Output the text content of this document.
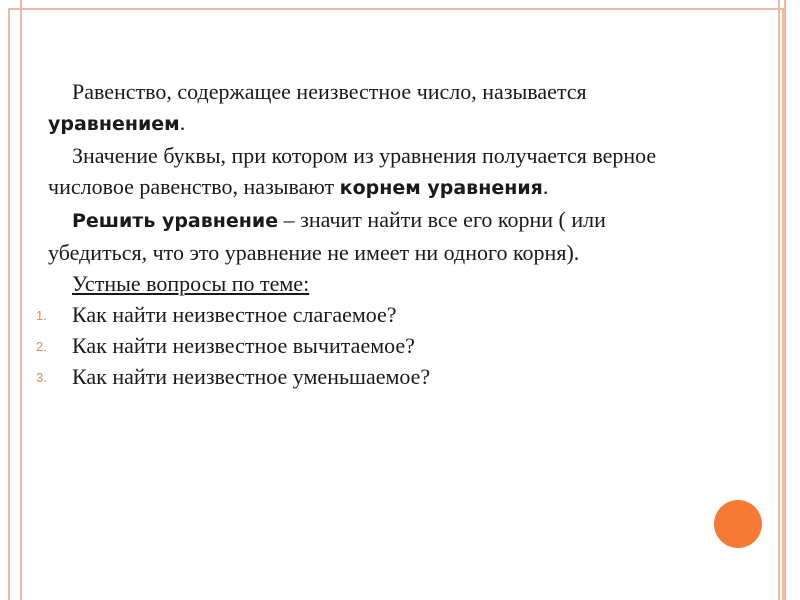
Равенство, содержащее неизвестное число, называется уравнением.

Значение буквы, при котором из уравнения получается верное числовое равенство, называют корнем уравнения.

Решить уравнение – значит найти все его корни ( или убедиться, что это уравнение не имеет ни одного корня).

Устные вопросы по теме:

1. Как найти неизвестное слагаемое?
2. Как найти неизвестное вычитаемое?
3. Как найти неизвестное уменьшаемое?
